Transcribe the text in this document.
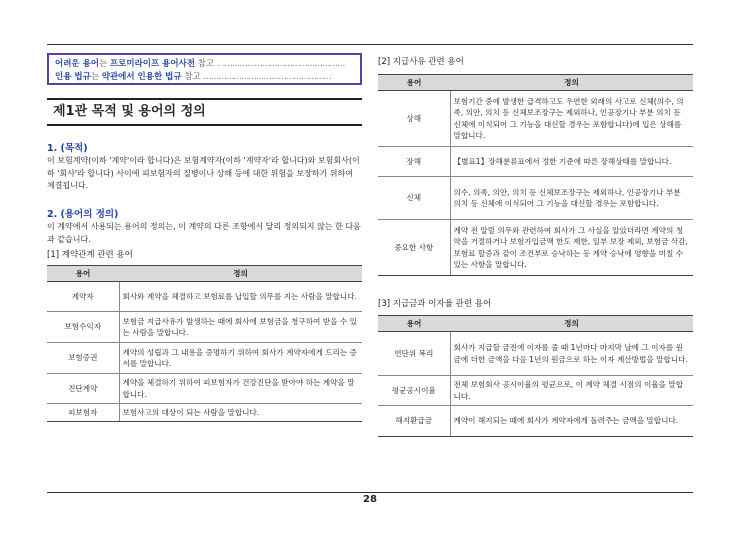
어려운 용어는 프로미라이프 용어사전 참고 ……………………………………………
인용 법규는 약관에서 인용한 법규 참고 ……………………………………………
제1관 목적 및 용어의 정의
1. (목적)
이 보험계약(이하 '계약'이라 합니다)은 보험계약자(이하 '계약자'라 합니다)와 보험회사(이하 '회사'라 합니다) 사이에 피보험자의 질병이나 상해 등에 대한 위험을 보장하기 위하여 체결됩니다.
2. (용어의 정의)
이 계약에서 사용되는 용어의 정의는, 이 계약의 다른 조항에서 달리 정의되지 않는 한 다음과 같습니다.
[1] 계약관계 관련 용어
용어	정의
계약자	회사와 계약을 체결하고 보험료를 납입할 의무를 지는 사람을 말합니다.
보험수익자	보험금 지급사유가 발생하는 때에 회사에 보험금을 청구하여 받을 수 있는 사람을 말합니다.
보험증권	계약의 성립과 그 내용을 증명하기 위하여 회사가 계약자에게 드리는 증서를 말합니다.
진단계약	계약을 체결하기 위하여 피보험자가 건강진단을 받아야 하는 계약을 말합니다.
피보험자	보험사고의 대상이 되는 사람을 말합니다.
[2] 지급사유 관련 용어
용어	정의
상해	보험기간 중에 발생한 급격하고도 우연한 외래의 사고로 신체(의수, 의족, 의안, 의치 등 신체보조장구는 제외하나, 인공장기나 부분 의치 등 신체에 이식되어 그 기능을 대신할 경우는 포함합니다)에 입은 상해를 말합니다.
장해	【별표1】장해분류표에서 정한 기준에 따른 장해상태를 말합니다.
신체	의수, 의족, 의안, 의치 등 신체보조장구는 제외하나, 인공장기나 부분 의치 등 신체에 이식되어 그 기능을 대신할 경우는 포함합니다.
중요한 사항	계약 전 알릴 의무와 관련하여 회사가 그 사실을 알았더라면 계약의 청약을 거절하거나 보험가입금액 한도 제한, 일부 보장 제외, 보험금 삭감, 보험료 할증과 같이 조건부로 승낙하는 등 계약 승낙에 영향을 미칠 수 있는 사항을 말합니다.
[3] 지급금과 이자율 관련 용어
용어	정의
연단위 복리	회사가 지급할 금전에 이자를 줄 때 1년마다 마지막 날에 그 이자를 원금에 더한 금액을 다음 1년의 원금으로 하는 이자 계산방법을 말합니다.
평균공시이율	전체 보험회사 공시이율의 평균으로, 이 계약 체결 시점의 이율을 말합니다.
해지환급금	계약이 해지되는 때에 회사가 계약자에게 돌려주는 금액을 말합니다.
28
